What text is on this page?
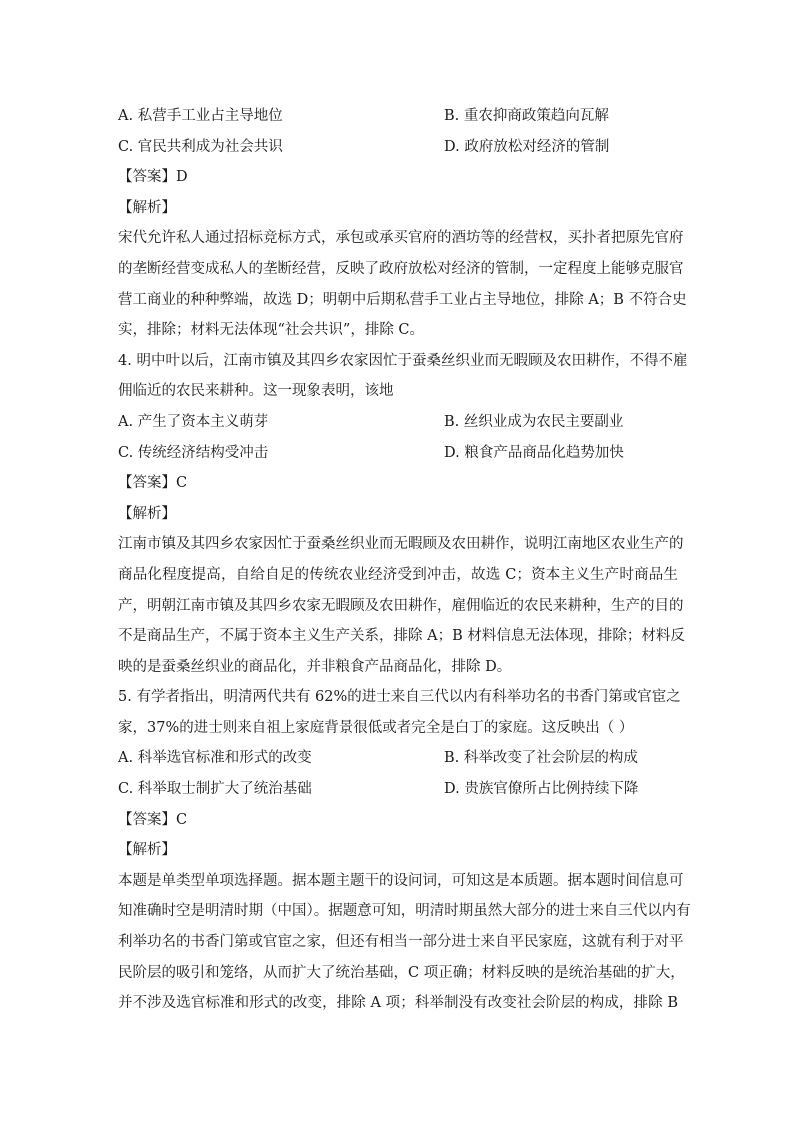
A. 私营手工业占主导地位	B. 重农抑商政策趋向瓦解
C. 官民共利成为社会共识	D. 政府放松对经济的管制
【答案】D
【解析】
宋代允许私人通过招标竞标方式，承包或承买官府的酒坊等的经营权，买扑者把原先官府
的垄断经营变成私人的垄断经营，反映了政府放松对经济的管制，一定程度上能够克服官
营工商业的种种弊端，故选 D；明朝中后期私营手工业占主导地位，排除 A；B 不符合史
实，排除；材料无法体现“社会共识”，排除 C。
4. 明中叶以后，江南市镇及其四乡农家因忙于蚕桑丝织业而无暇顾及农田耕作，不得不雇
佣临近的农民来耕种。这一现象表明，该地
A. 产生了资本主义萌芽	B. 丝织业成为农民主要副业
C. 传统经济结构受冲击	D. 粮食产品商品化趋势加快
【答案】C
【解析】
江南市镇及其四乡农家因忙于蚕桑丝织业而无暇顾及农田耕作，说明江南地区农业生产的
商品化程度提高，自给自足的传统农业经济受到冲击，故选 C；资本主义生产时商品生
产，明朝江南市镇及其四乡农家无暇顾及农田耕作，雇佣临近的农民来耕种，生产的目的
不是商品生产，不属于资本主义生产关系，排除 A；B 材料信息无法体现，排除；材料反
映的是蚕桑丝织业的商品化，并非粮食产品商品化，排除 D。
5. 有学者指出，明清两代共有 62%的进士来自三代以内有科举功名的书香门第或官宦之
家，37%的进士则来自祖上家庭背景很低或者完全是白丁的家庭。这反映出（ ）
A. 科举选官标准和形式的改变	B. 科举改变了社会阶层的构成
C. 科举取士制扩大了统治基础	D. 贵族官僚所占比例持续下降
【答案】C
【解析】
本题是单类型单项选择题。据本题主题干的设问词，可知这是本质题。据本题时间信息可
知准确时空是明清时期（中国）。据题意可知，明清时期虽然大部分的进士来自三代以内有
利举功名的书香门第或官宦之家，但还有相当一部分进士来自平民家庭，这就有利于对平
民阶层的吸引和笼络，从而扩大了统治基础，C 项正确；材料反映的是统治基础的扩大，
并不涉及选官标准和形式的改变，排除 A 项；科举制没有改变社会阶层的构成，排除 B
